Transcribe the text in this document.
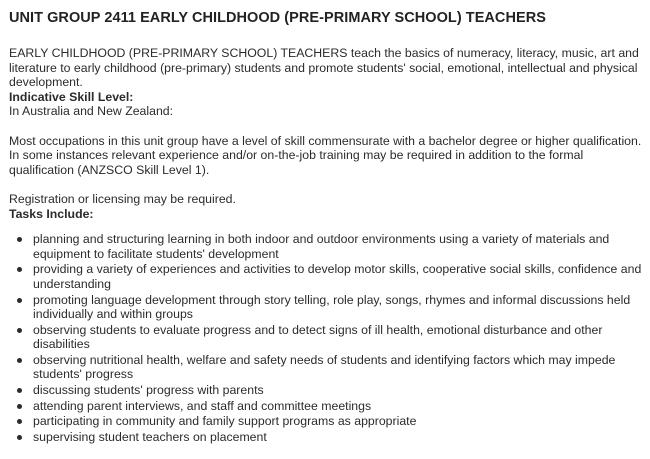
UNIT GROUP 2411 EARLY CHILDHOOD (PRE-PRIMARY SCHOOL) TEACHERS

EARLY CHILDHOOD (PRE-PRIMARY SCHOOL) TEACHERS teach the basics of numeracy, literacy, music, art and literature to early childhood (pre-primary) students and promote students' social, emotional, intellectual and physical development.

Indicative Skill Level:

In Australia and New Zealand:

Most occupations in this unit group have a level of skill commensurate with a bachelor degree or higher qualification. In some instances relevant experience and/or on-the-job training may be required in addition to the formal qualification (ANZSCO Skill Level 1).

Registration or licensing may be required.

Tasks Include:

planning and structuring learning in both indoor and outdoor environments using a variety of materials and equipment to facilitate students' development
providing a variety of experiences and activities to develop motor skills, cooperative social skills, confidence and understanding
promoting language development through story telling, role play, songs, rhymes and informal discussions held individually and within groups
observing students to evaluate progress and to detect signs of ill health, emotional disturbance and other disabilities
observing nutritional health, welfare and safety needs of students and identifying factors which may impede students' progress
discussing students' progress with parents
attending parent interviews, and staff and committee meetings
participating in community and family support programs as appropriate
supervising student teachers on placement
